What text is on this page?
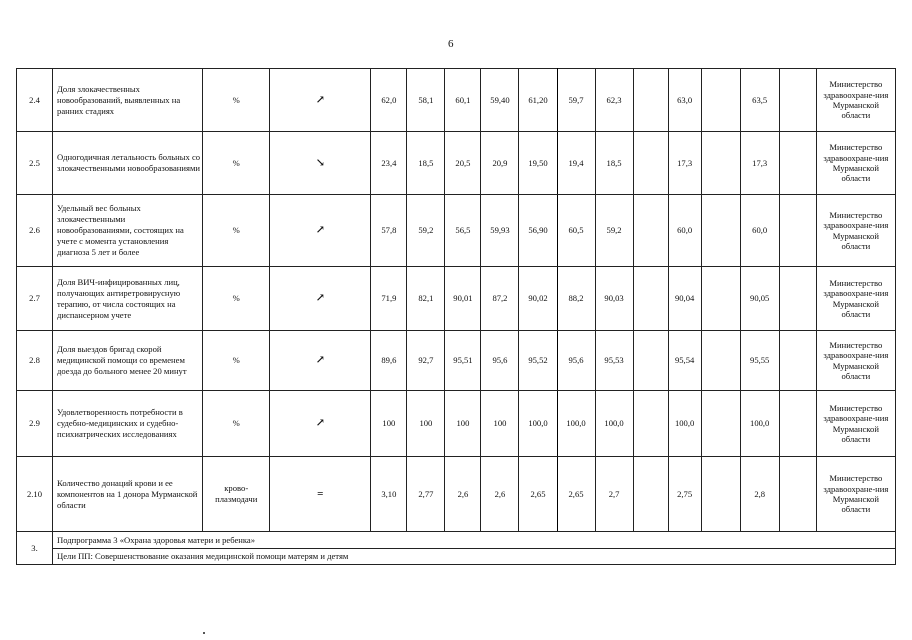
6
2.4	Доля злокачественных новообразований, выявленных на ранних стадиях	%	↗	62,0	58,1	60,1	59,40	61,20	59,7	62,3		63,0		63,5		Министерство здравоохране-ния Мурманской области
2.5	Одногодичная летальность больных со злокачественными новообразованиями	%	↘	23,4	18,5	20,5	20,9	19,50	19,4	18,5		17,3		17,3		Министерство здравоохране-ния Мурманской области
2.6	Удельный вес больных злокачественными новообразованиями, состоящих на учете с момента установления диагноза 5 лет и более	%	↗	57,8	59,2	56,5	59,93	56,90	60,5	59,2		60,0		60,0		Министерство здравоохране-ния Мурманской области
2.7	Доля ВИЧ-инфицированных лиц, получающих антиретровирусную терапию, от числа состоящих на диспансерном учете	%	↗	71,9	82,1	90,01	87,2	90,02	88,2	90,03		90,04		90,05		Министерство здравоохране-ния Мурманской области
2.8	Доля выездов бригад скорой медицинской помощи со временем доезда до больного менее 20 минут	%	↗	89,6	92,7	95,51	95,6	95,52	95,6	95,53		95,54		95,55		Министерство здравоохране-ния Мурманской области
2.9	Удовлетворенность потребности в судебно-медицинских и судебно-психиатрических исследованиях	%	↗	100	100	100	100	100,0	100,0	100,0		100,0		100,0		Министерство здравоохране-ния Мурманской области
2.10	Количество донаций крови и ее компонентов на 1 донора Мурманской области	крово-плазмодачи	=	3,10	2,77	2,6	2,6	2,65	2,65	2,7		2,75		2,8		Министерство здравоохране-ния Мурманской области
3.	Подпрограмма 3 «Охрана здоровья матери и ребенка»															
	Цели ПП: Совершенствование оказания медицинской помощи матерям и детям															
